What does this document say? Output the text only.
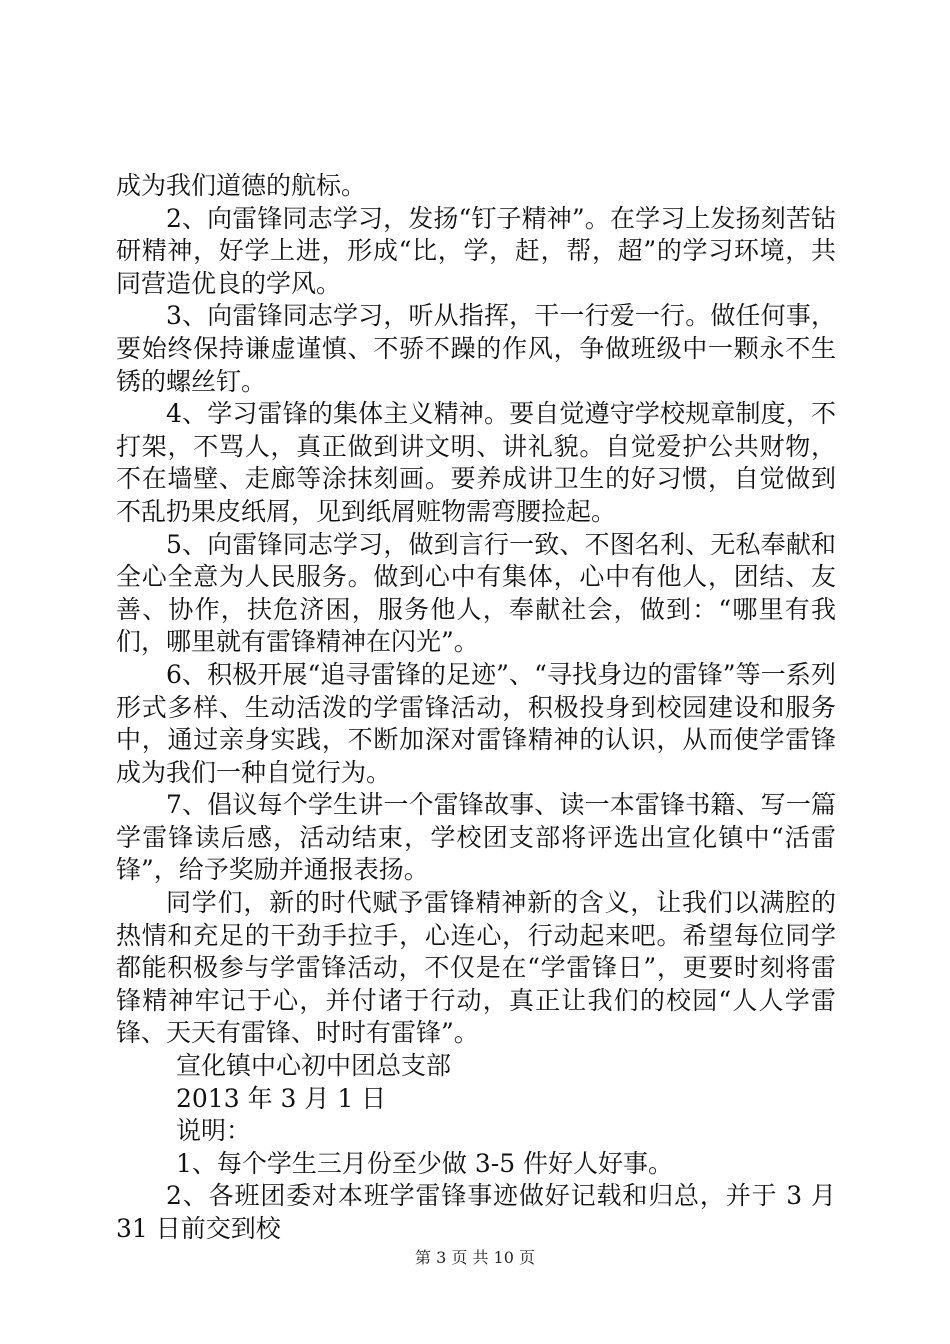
成为我们道德的航标。

2、向雷锋同志学习，发扬“钉子精神”。在学习上发扬刻苦钻研精神，好学上进，形成“比，学，赶，帮，超”的学习环境，共同营造优良的学风。

3、向雷锋同志学习，听从指挥，干一行爱一行。做任何事，要始终保持谦虚谨慎、不骄不躁的作风，争做班级中一颗永不生锈的螺丝钉。

4、学习雷锋的集体主义精神。要自觉遵守学校规章制度，不打架，不骂人，真正做到讲文明、讲礼貌。自觉爱护公共财物，不在墙壁、走廊等涂抹刻画。要养成讲卫生的好习惯，自觉做到不乱扔果皮纸屑，见到纸屑赃物需弯腰捡起。

5、向雷锋同志学习，做到言行一致、不图名利、无私奉献和全心全意为人民服务。做到心中有集体，心中有他人，团结、友善、协作，扶危济困，服务他人，奉献社会，做到：“哪里有我们，哪里就有雷锋精神在闪光”。

6、积极开展“追寻雷锋的足迹”、“寻找身边的雷锋”等一系列形式多样、生动活泼的学雷锋活动，积极投身到校园建设和服务中，通过亲身实践，不断加深对雷锋精神的认识，从而使学雷锋成为我们一种自觉行为。

7、倡议每个学生讲一个雷锋故事、读一本雷锋书籍、写一篇学雷锋读后感，活动结束，学校团支部将评选出宣化镇中“活雷锋”，给予奖励并通报表扬。

同学们，新的时代赋予雷锋精神新的含义，让我们以满腔的热情和充足的干劲手拉手，心连心，行动起来吧。希望每位同学都能积极参与学雷锋活动，不仅是在“学雷锋日”，更要时刻将雷锋精神牢记于心，并付诸于行动，真正让我们的校园“人人学雷锋、天天有雷锋、时时有雷锋”。

宣化镇中心初中团总支部

2013 年 3 月 1 日

说明：

1、每个学生三月份至少做 3-5 件好人好事。

2、各班团委对本班学雷锋事迹做好记载和归总，并于 3 月 31 日前交到校

第 3 页 共 10 页
